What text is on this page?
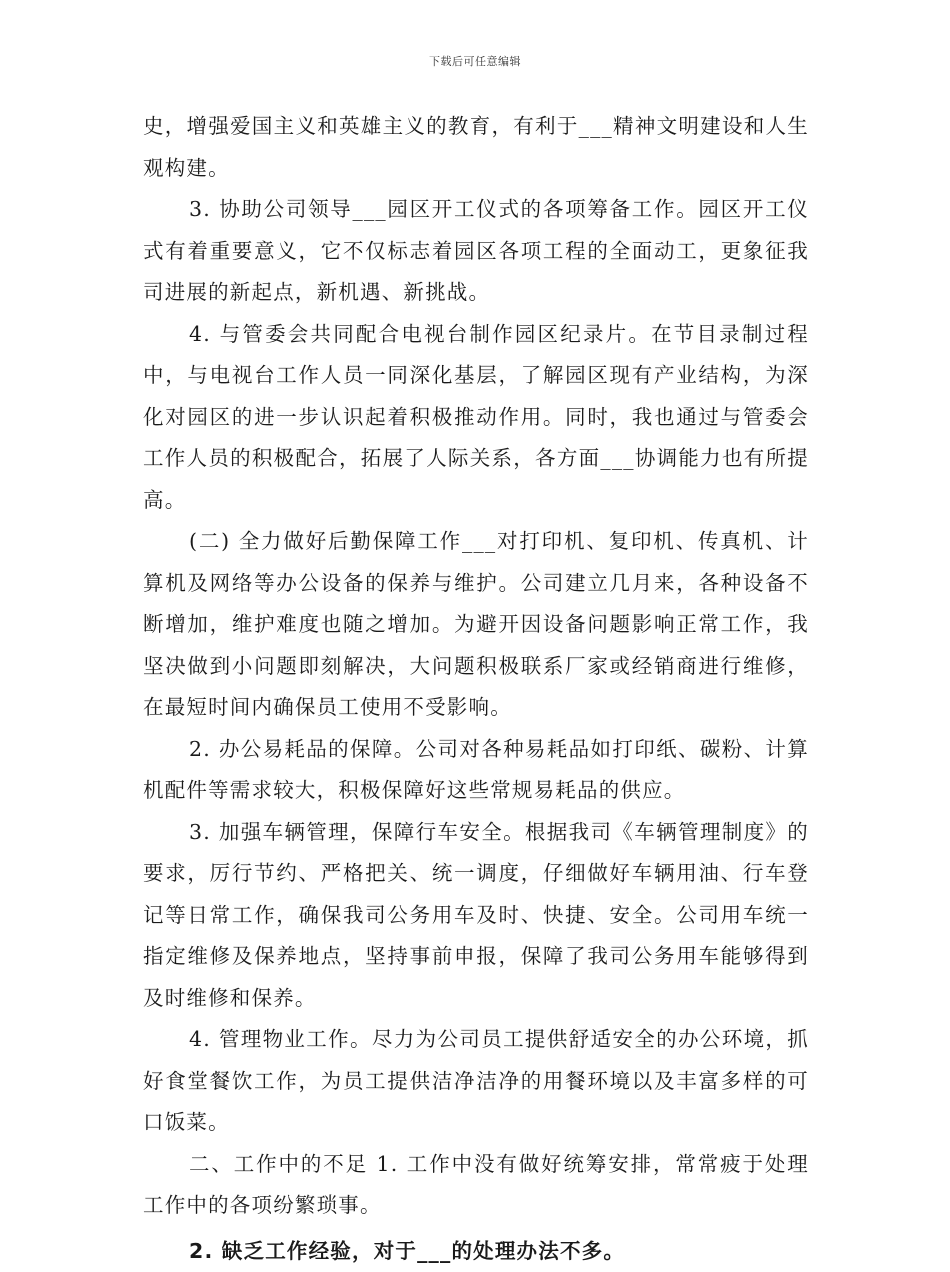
下载后可任意编辑

史，增强爱国主义和英雄主义的教育，有利于___精神文明建设和人生观构建。

3. 协助公司领导___园区开工仪式的各项筹备工作。园区开工仪式有着重要意义，它不仅标志着园区各项工程的全面动工，更象征我司进展的新起点，新机遇、新挑战。

4. 与管委会共同配合电视台制作园区纪录片。在节目录制过程中，与电视台工作人员一同深化基层，了解园区现有产业结构，为深化对园区的进一步认识起着积极推动作用。同时，我也通过与管委会工作人员的积极配合，拓展了人际关系，各方面___协调能力也有所提高。

(二) 全力做好后勤保障工作___对打印机、复印机、传真机、计算机及网络等办公设备的保养与维护。公司建立几月来，各种设备不断增加，维护难度也随之增加。为避开因设备问题影响正常工作，我坚决做到小问题即刻解决，大问题积极联系厂家或经销商进行维修，在最短时间内确保员工使用不受影响。

2. 办公易耗品的保障。公司对各种易耗品如打印纸、碳粉、计算机配件等需求较大，积极保障好这些常规易耗品的供应。

3. 加强车辆管理，保障行车安全。根据我司《车辆管理制度》的要求，厉行节约、严格把关、统一调度，仔细做好车辆用油、行车登记等日常工作，确保我司公务用车及时、快捷、安全。公司用车统一指定维修及保养地点，坚持事前申报，保障了我司公务用车能够得到及时维修和保养。

4. 管理物业工作。尽力为公司员工提供舒适安全的办公环境，抓好食堂餐饮工作，为员工提供洁净洁净的用餐环境以及丰富多样的可口饭菜。

二、工作中的不足 1. 工作中没有做好统筹安排，常常疲于处理工作中的各项纷繁琐事。

2. 缺乏工作经验，对于___的处理办法不多。
